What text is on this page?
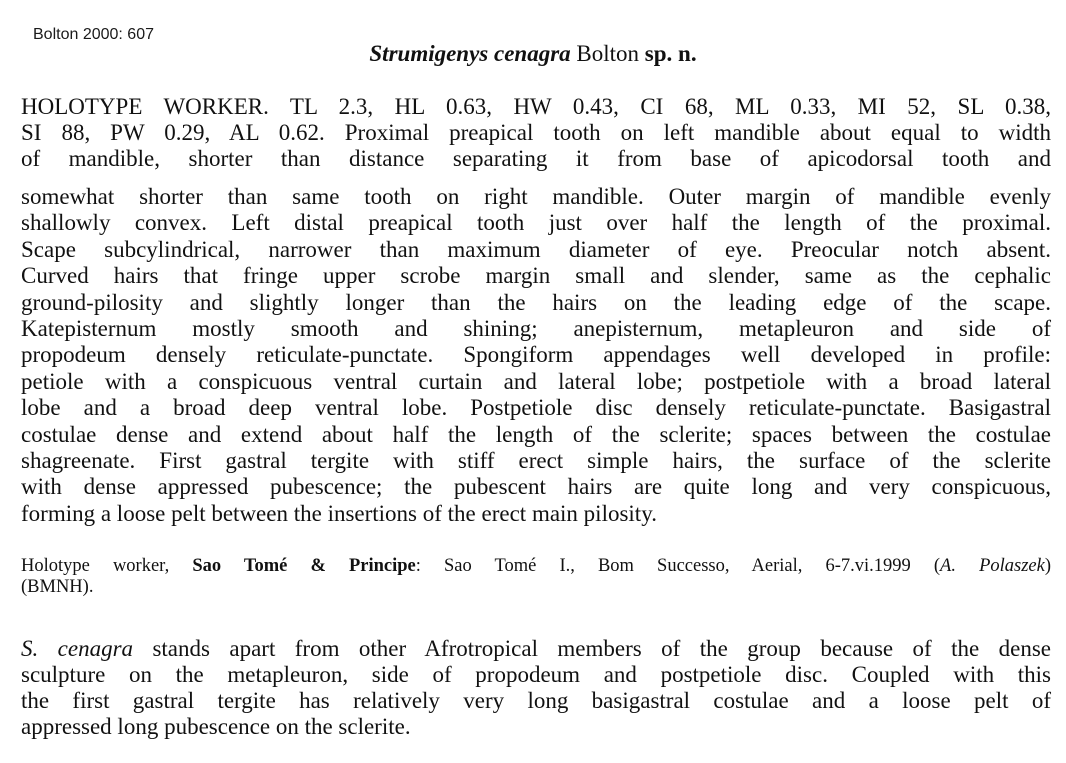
Bolton 2000: 607
Strumigenys cenagra Bolton sp. n.
HOLOTYPE WORKER. TL 2.3, HL 0.63, HW 0.43, CI 68, ML 0.33, MI 52, SL 0.38,
SI 88, PW 0.29, AL 0.62. Proximal preapical tooth on left mandible about equal to width
of mandible, shorter than distance separating it from base of apicodorsal tooth and
somewhat shorter than same tooth on right mandible. Outer margin of mandible evenly
shallowly convex. Left distal preapical tooth just over half the length of the proximal.
Scape subcylindrical, narrower than maximum diameter of eye. Preocular notch absent.
Curved hairs that fringe upper scrobe margin small and slender, same as the cephalic
ground-pilosity and slightly longer than the hairs on the leading edge of the scape.
Katepisternum mostly smooth and shining; anepisternum, metapleuron and side of
propodeum densely reticulate-punctate. Spongiform appendages well developed in profile:
petiole with a conspicuous ventral curtain and lateral lobe; postpetiole with a broad lateral
lobe and a broad deep ventral lobe. Postpetiole disc densely reticulate-punctate. Basigastral
costulae dense and extend about half the length of the sclerite; spaces between the costulae
shagreenate. First gastral tergite with stiff erect simple hairs, the surface of the sclerite
with dense appressed pubescence; the pubescent hairs are quite long and very conspicuous,
forming a loose pelt between the insertions of the erect main pilosity.
Holotype worker, Sao Tomé & Principe: Sao Tomé I., Bom Successo, Aerial, 6-7.vi.1999 (A. Polaszek)
(BMNH).
S. cenagra stands apart from other Afrotropical members of the group because of the dense
sculpture on the metapleuron, side of propodeum and postpetiole disc. Coupled with this
the first gastral tergite has relatively very long basigastral costulae and a loose pelt of
appressed long pubescence on the sclerite.
